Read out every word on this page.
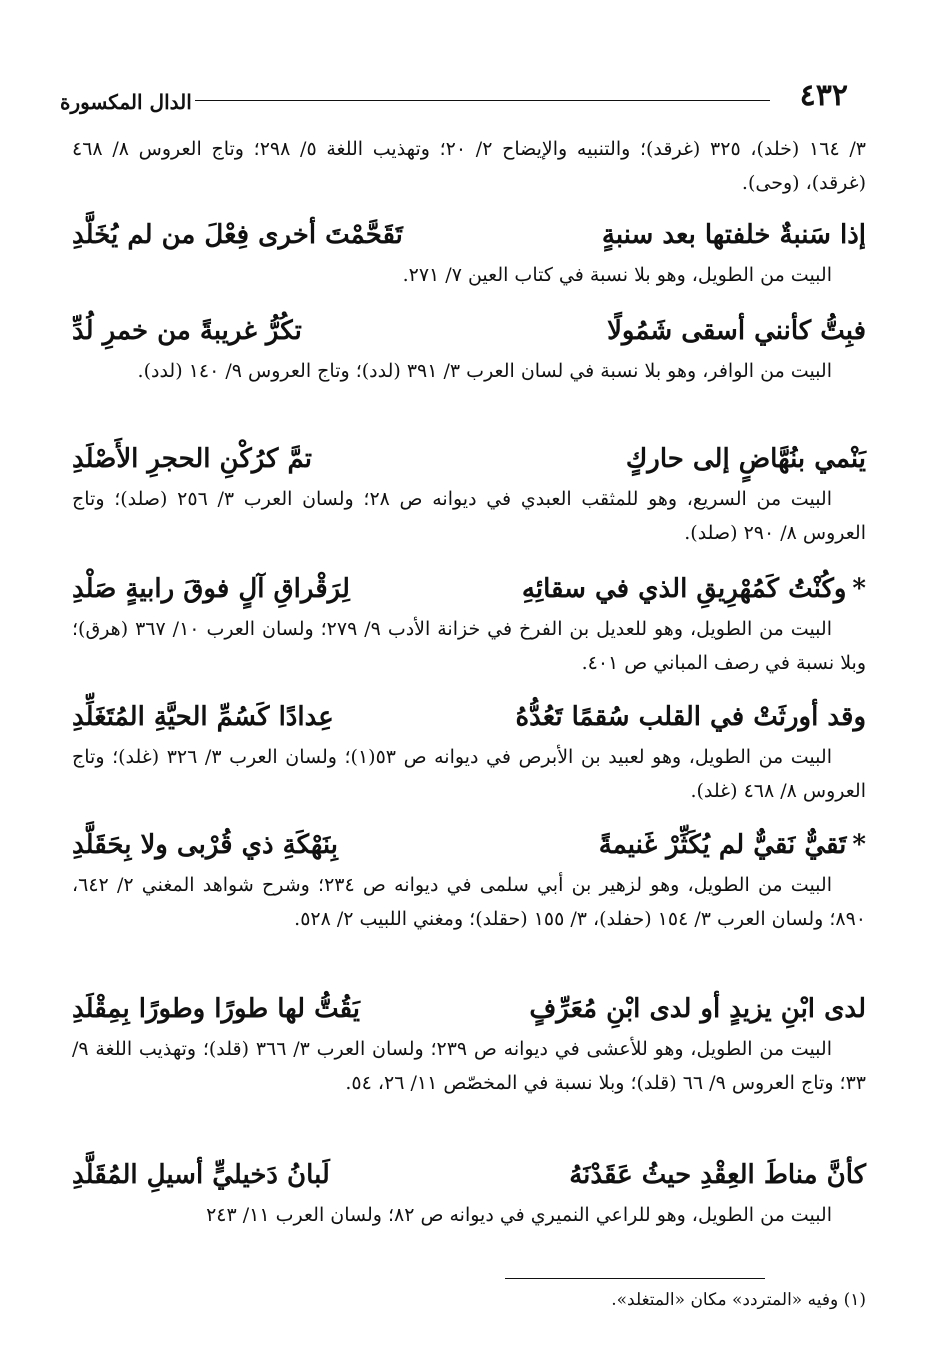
٤٣٢
الدال المكسورة
٣/ ١٦٤ (خلد)، ٣٢٥ (غرقد)؛ والتنبيه والإيضاح ٢/ ٢٠؛ وتهذيب اللغة ٥/ ٢٩٨؛ وتاج العروس ٨/ ٤٦٨ (غرقد)، (وحى).
إذا سَنبةٌ خلفتها بعد سنبةٍ
تَقَحَّمْتَ أخرى فِعْلَ من لم يُخَلَّدِ
البيت من الطويل، وهو بلا نسبة في كتاب العين ٧/ ٢٧١.
فبِتُّ كأنني أسقى شَمُولًا
تكُرُّ غريبةً من خمرِ لُدِّ
البيت من الوافر، وهو بلا نسبة في لسان العرب ٣/ ٣٩١ (لدد)؛ وتاج العروس ٩/ ١٤٠ (لدد).
يَنْمي بنُهَّاضٍ إلى حاركٍ
تمَّ كرُكْنِ الحجرِ الأَصْلَدِ
البيت من السريع، وهو للمثقب العبدي في ديوانه ص ٢٨؛ ولسان العرب ٣/ ٢٥٦ (صلد)؛ وتاج العروس ٨/ ٢٩٠ (صلد).
*وكُنْتُ كَمُهْرِيقِ الذي في سقائِهِ
لِرَقْراقِ آلٍ فوقَ رابيةٍ صَلْدِ
البيت من الطويل، وهو للعديل بن الفرخ في خزانة الأدب ٩/ ٢٧٩؛ ولسان العرب ١٠/ ٣٦٧ (هرق)؛ وبلا نسبة في رصف المباني ص ٤٠١.
وقد أورثَتْ في القلب سُقمًا تَعُدُّهُ
عِدادًا كَسُمِّ الحيَّةِ المُتَغَلِّدِ
البيت من الطويل، وهو لعبيد بن الأبرص في ديوانه ص ٥٣(١)؛ ولسان العرب ٣/ ٣٢٦ (غلد)؛ وتاج العروس ٨/ ٤٦٨ (غلد).
*تَقيٌّ نَقيٌّ لم يُكَثِّرْ غَنيمةً
بِنَهْكَةِ ذي قُرْبى ولا بِحَقَلَّدِ
البيت من الطويل، وهو لزهير بن أبي سلمى في ديوانه ص ٢٣٤؛ وشرح شواهد المغني ٢/ ٦٤٢، ٨٩٠؛ ولسان العرب ٣/ ١٥٤ (حفلد)، ٣/ ١٥٥ (حقلد)؛ ومغني اللبيب ٢/ ٥٢٨.
لدى ابْنِ يزيدٍ أو لدى ابْنِ مُعَرِّفٍ
يَقُتُّ لها طورًا وطورًا بِمِقْلَدِ
البيت من الطويل، وهو للأعشى في ديوانه ص ٢٣٩؛ ولسان العرب ٣/ ٣٦٦ (قلد)؛ وتهذيب اللغة ٩/ ٣٣؛ وتاج العروس ٩/ ٦٦ (قلد)؛ وبلا نسبة في المخصّص ١١/ ٢٦، ٥٤.
كأنَّ مناطَ العِقْدِ حيثُ عَقَدْنَهُ
لَبانُ دَخيليٍّ أسيلِ المُقَلَّدِ
البيت من الطويل، وهو للراعي النميري في ديوانه ص ٨٢؛ ولسان العرب ١١/ ٢٤٣
(١) وفيه «المتردد» مكان «المتغلد».
